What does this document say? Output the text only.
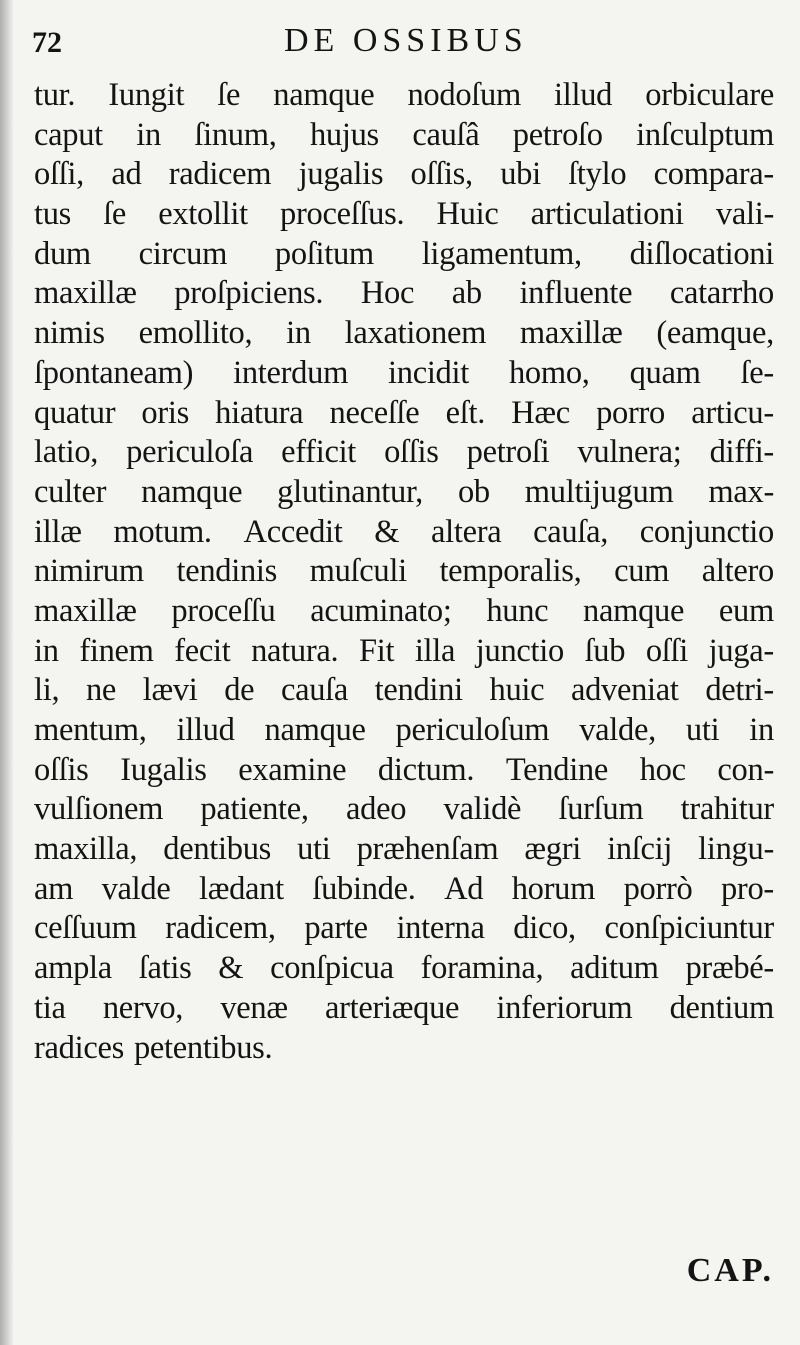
72	DE OSSIBUS
tur. Iungit ſe namque nodoſum illud orbiculare
caput in ſinum, hujus cauſâ petroſo inſculptum
oſſi, ad radicem jugalis oſſis, ubi ſtylo compara-
tus ſe extollit proceſſus. Huic articulationi vali-
dum circum poſitum ligamentum, diſlocationi
maxillæ proſpiciens. Hoc ab influente catarrho
nimis emollito, in laxationem maxillæ (eamque,
ſpontaneam) interdum incidit homo, quam ſe-
quatur oris hiatura neceſſe eſt. Hæc porro articu-
latio, periculoſa efficit oſſis petroſi vulnera; diffi-
culter namque glutinantur, ob multijugum max-
illæ motum. Accedit & altera cauſa, conjunctio
nimirum tendinis muſculi temporalis, cum altero
maxillæ proceſſu acuminato; hunc namque eum
in finem fecit natura. Fit illa junctio ſub oſſi juga-
li, ne lævi de cauſa tendini huic adveniat detri-
mentum, illud namque periculoſum valde, uti in
oſſis Iugalis examine dictum. Tendine hoc con-
vulſionem patiente, adeo validè ſurſum trahitur
maxilla, dentibus uti præhenſam ægri inſcij lingu-
am valde lædant ſubinde. Ad horum porrò pro-
ceſſuum radicem, parte interna dico, conſpiciuntur
ampla ſatis & conſpicua foramina, aditum præbé-
tia nervo, venæ arteriæque inferiorum dentium
radices petentibus.
CAP.
